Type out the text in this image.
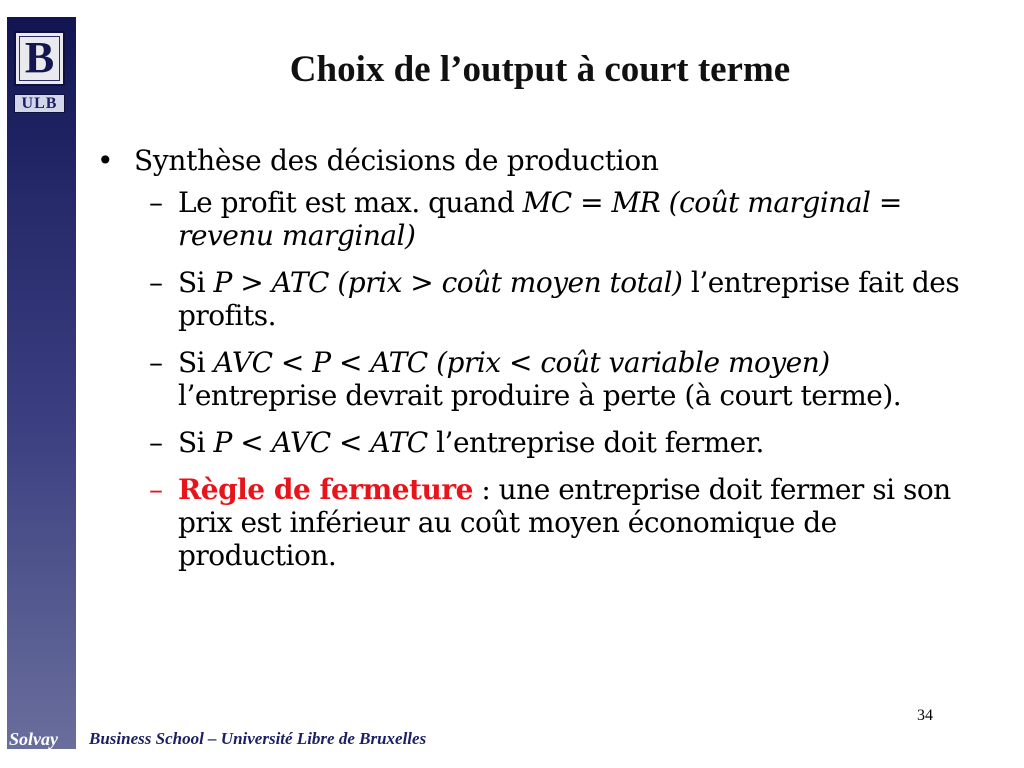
B
ULB
Choix de l’output à court terme
• Synthèse des décisions de production
– Le profit est max. quand MC = MR (coût marginal = revenu marginal)
– Si P > ATC (prix > coût moyen total) l’entreprise fait des profits.
– Si AVC < P < ATC (prix < coût variable moyen) l’entreprise devrait produire à perte (à court terme).
– Si P < AVC < ATC l’entreprise doit fermer.
– Règle de fermeture : une entreprise doit fermer si son prix est inférieur au coût moyen économique de production.
34
Solvay Business School – Université Libre de Bruxelles
